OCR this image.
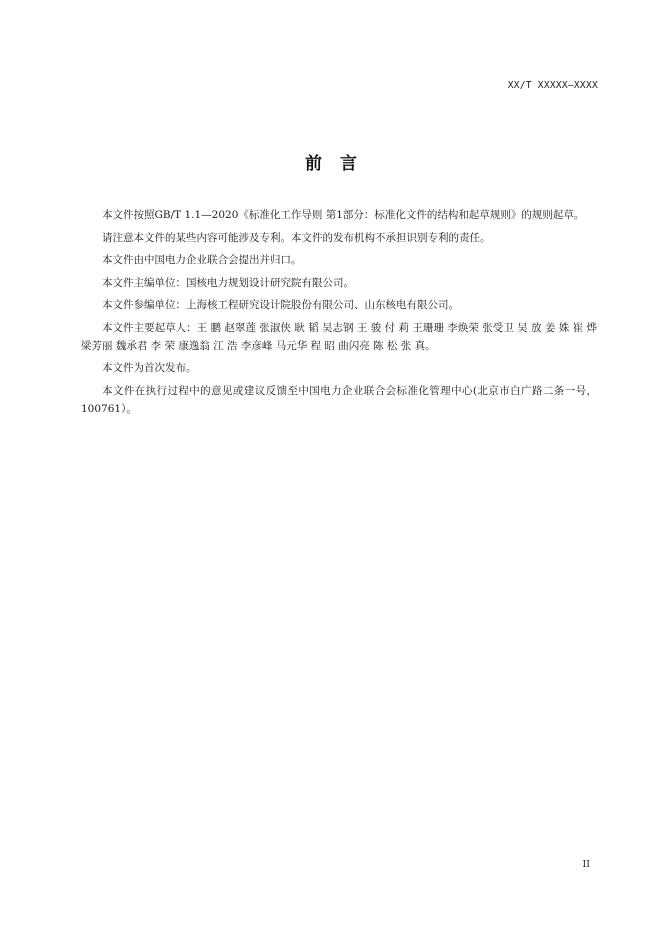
XX/T XXXXX—XXXX
前言

本文件按照GB/T 1.1—2020《标准化工作导则 第1部分：标准化文件的结构和起草规则》的规则起草。

请注意本文件的某些内容可能涉及专利。本文件的发布机构不承担识别专利的责任。

本文件由中国电力企业联合会提出并归口。

本文件主编单位：国核电力规划设计研究院有限公司。

本文件参编单位：上海核工程研究设计院股份有限公司、山东核电有限公司。

本文件主要起草人：王 鹏 赵翠莲 张淑侠 耿 韬 吴志钢 王 骏 付 莉 王珊珊 李焕荣 张受卫 吴 放 姜 姝 崔 烨 梁芳丽 魏承君 李 荣 康逸翁 江 浩 李彦峰 马元华 程 昭 曲闪亮 陈 松 张 真。

本文件为首次发布。

本文件在执行过程中的意见或建议反馈至中国电力企业联合会标准化管理中心(北京市白广路二条一号，100761）。

II
